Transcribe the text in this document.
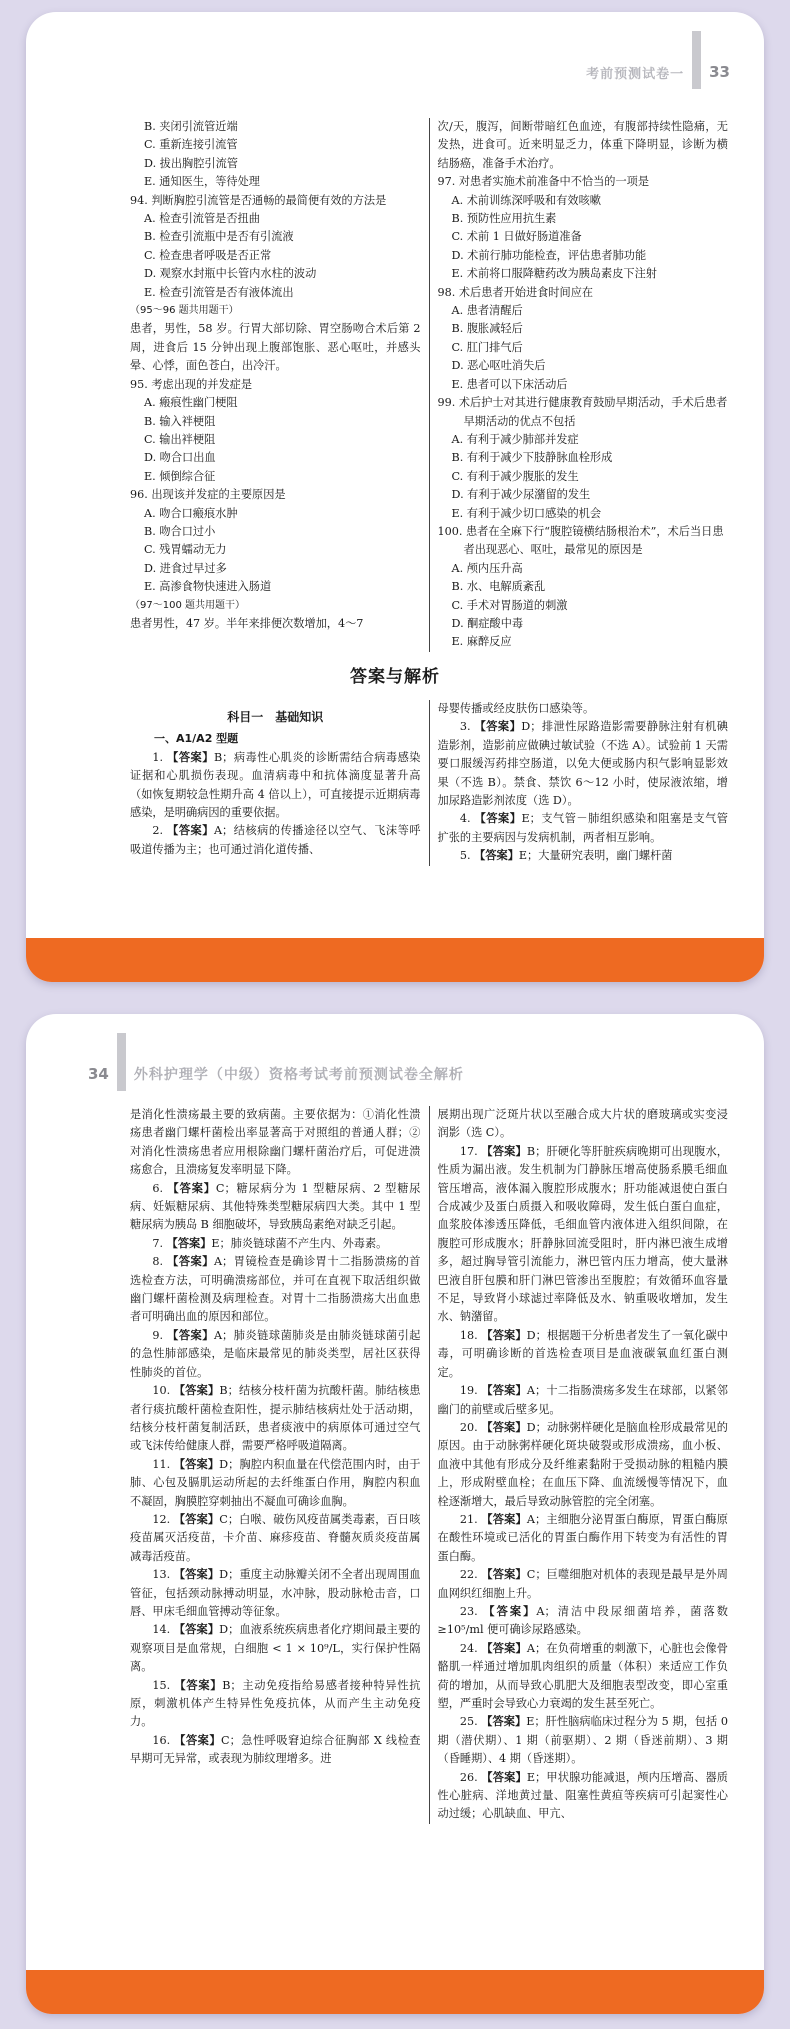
考前预测试卷一 33
B. 夹闭引流管近端
C. 重新连接引流管
D. 拔出胸腔引流管
E. 通知医生，等待处理
94. 判断胸腔引流管是否通畅的最简便有效的方法是
A. 检查引流管是否扭曲
B. 检查引流瓶中是否有引流液
C. 检查患者呼吸是否正常
D. 观察水封瓶中长管内水柱的波动
E. 检查引流管是否有液体流出
（95～96 题共用题干）
患者，男性，58 岁。行胃大部切除、胃空肠吻合术后第 2 周，进食后 15 分钟出现上腹部饱胀、恶心呕吐，并感头晕、心悸，面色苍白，出冷汗。
95. 考虑出现的并发症是
A. 瘢痕性幽门梗阻
B. 输入袢梗阻
C. 输出袢梗阻
D. 吻合口出血
E. 倾倒综合征
96. 出现该并发症的主要原因是
A. 吻合口瘢痕水肿
B. 吻合口过小
C. 残胃蠕动无力
D. 进食过早过多
E. 高渗食物快速进入肠道
（97～100 题共用题干）
患者男性，47 岁。半年来排便次数增加，4～7
次/天，腹泻，间断带暗红色血迹，有腹部持续性隐痛，无发热，进食可。近来明显乏力，体重下降明显，诊断为横结肠癌，准备手术治疗。
97. 对患者实施术前准备中不恰当的一项是
A. 术前训练深呼吸和有效咳嗽
B. 预防性应用抗生素
C. 术前 1 日做好肠道准备
D. 术前行肺功能检查，评估患者肺功能
E. 术前将口服降糖药改为胰岛素皮下注射
98. 术后患者开始进食时间应在
A. 患者清醒后
B. 腹胀减轻后
C. 肛门排气后
D. 恶心呕吐消失后
E. 患者可以下床活动后
99. 术后护士对其进行健康教育鼓励早期活动，手术后患者早期活动的优点不包括
A. 有利于减少肺部并发症
B. 有利于减少下肢静脉血栓形成
C. 有利于减少腹胀的发生
D. 有利于减少尿潴留的发生
E. 有利于减少切口感染的机会
100. 患者在全麻下行“腹腔镜横结肠根治术”，术后当日患者出现恶心、呕吐，最常见的原因是
A. 颅内压升高
B. 水、电解质紊乱
C. 手术对胃肠道的刺激
D. 酮症酸中毒
E. 麻醉反应
答案与解析
科目一　基础知识
一、A1/A2 型题
1. 【答案】B；病毒性心肌炎的诊断需结合病毒感染证据和心肌损伤表现。血清病毒中和抗体滴度显著升高（如恢复期较急性期升高 4 倍以上），可直接提示近期病毒感染，是明确病因的重要依据。
2. 【答案】A；结核病的传播途径以空气、飞沫等呼吸道传播为主；也可通过消化道传播、
母婴传播或经皮肤伤口感染等。
3. 【答案】D；排泄性尿路造影需要静脉注射有机碘造影剂，造影前应做碘过敏试验（不选 A）。试验前 1 天需要口服缓泻药排空肠道，以免大便或肠内积气影响显影效果（不选 B）。禁食、禁饮 6～12 小时，使尿液浓缩，增加尿路造影剂浓度（选 D）。
4. 【答案】E；支气管－肺组织感染和阻塞是支气管扩张的主要病因与发病机制，两者相互影响。
5. 【答案】E；大量研究表明，幽门螺杆菌
34 外科护理学（中级）资格考试考前预测试卷全解析
是消化性溃疡最主要的致病菌。主要依据为：①消化性溃疡患者幽门螺杆菌检出率显著高于对照组的普通人群；②对消化性溃疡患者应用根除幽门螺杆菌治疗后，可促进溃疡愈合，且溃疡复发率明显下降。
6. 【答案】C；糖尿病分为 1 型糖尿病、2 型糖尿病、妊娠糖尿病、其他特殊类型糖尿病四大类。其中 1 型糖尿病为胰岛 B 细胞破坏，导致胰岛素绝对缺乏引起。
7. 【答案】E；肺炎链球菌不产生内、外毒素。
8. 【答案】A；胃镜检查是确诊胃十二指肠溃疡的首选检查方法，可明确溃疡部位，并可在直视下取活组织做幽门螺杆菌检测及病理检查。对胃十二指肠溃疡大出血患者可明确出血的原因和部位。
9. 【答案】A；肺炎链球菌肺炎是由肺炎链球菌引起的急性肺部感染，是临床最常见的肺炎类型，居社区获得性肺炎的首位。
10. 【答案】B；结核分枝杆菌为抗酸杆菌。肺结核患者行痰抗酸杆菌检查阳性，提示肺结核病灶处于活动期，结核分枝杆菌复制活跃，患者痰液中的病原体可通过空气或飞沫传给健康人群，需要严格呼吸道隔离。
11. 【答案】D；胸腔内积血量在代偿范围内时，由于肺、心包及膈肌运动所起的去纤维蛋白作用，胸腔内积血不凝固，胸膜腔穿刺抽出不凝血可确诊血胸。
12. 【答案】C；白喉、破伤风疫苗属类毒素，百日咳疫苗属灭活疫苗，卡介苗、麻疹疫苗、脊髓灰质炎疫苗属减毒活疫苗。
13. 【答案】D；重度主动脉瓣关闭不全者出现周围血管征，包括颈动脉搏动明显，水冲脉，股动脉枪击音，口唇、甲床毛细血管搏动等征象。
14. 【答案】D；血液系统疾病患者化疗期间最主要的观察项目是血常规，白细胞 < 1 × 10⁹/L，实行保护性隔离。
15. 【答案】B；主动免疫指给易感者接种特异性抗原，刺激机体产生特异性免疫抗体，从而产生主动免疫力。
16. 【答案】C；急性呼吸窘迫综合征胸部 X 线检查早期可无异常，或表现为肺纹理增多。进
展期出现广泛斑片状以至融合成大片状的磨玻璃或实变浸润影（选 C）。
17. 【答案】B；肝硬化等肝脏疾病晚期可出现腹水，性质为漏出液。发生机制为门静脉压增高使肠系膜毛细血管压增高，液体漏入腹腔形成腹水；肝功能减退使白蛋白合成减少及蛋白质摄入和吸收障碍，发生低白蛋白血症，血浆胶体渗透压降低，毛细血管内液体进入组织间隙，在腹腔可形成腹水；肝静脉回流受阻时，肝内淋巴液生成增多，超过胸导管引流能力，淋巴管内压力增高，使大量淋巴液自肝包膜和肝门淋巴管渗出至腹腔；有效循环血容量不足，导致肾小球滤过率降低及水、钠重吸收增加，发生水、钠潴留。
18. 【答案】D；根据题干分析患者发生了一氧化碳中毒，可明确诊断的首选检查项目是血液碳氧血红蛋白测定。
19. 【答案】A；十二指肠溃疡多发生在球部，以紧邻幽门的前壁或后壁多见。
20. 【答案】D；动脉粥样硬化是脑血栓形成最常见的原因。由于动脉粥样硬化斑块破裂或形成溃疡，血小板、血液中其他有形成分及纤维素黏附于受损动脉的粗糙内膜上，形成附壁血栓；在血压下降、血流缓慢等情况下，血栓逐渐增大，最后导致动脉管腔的完全闭塞。
21. 【答案】A；主细胞分泌胃蛋白酶原，胃蛋白酶原在酸性环境或已活化的胃蛋白酶作用下转变为有活性的胃蛋白酶。
22. 【答案】C；巨噬细胞对机体的表现是最早是外周血网织红细胞上升。
23. 【答案】A；清洁中段尿细菌培养，菌落数≥10⁵/ml 便可确诊尿路感染。
24. 【答案】A；在负荷增重的刺激下，心脏也会像骨骼肌一样通过增加肌肉组织的质量（体积）来适应工作负荷的增加，从而导致心肌肥大及细胞表型改变，即心室重塑，严重时会导致心力衰竭的发生甚至死亡。
25. 【答案】E；肝性脑病临床过程分为 5 期，包括 0 期（潜伏期）、1 期（前驱期）、2 期（昏迷前期）、3 期（昏睡期）、4 期（昏迷期）。
26. 【答案】E；甲状腺功能减退，颅内压增高、器质性心脏病、洋地黄过量、阻塞性黄疸等疾病可引起窦性心动过缓；心肌缺血、甲亢、
